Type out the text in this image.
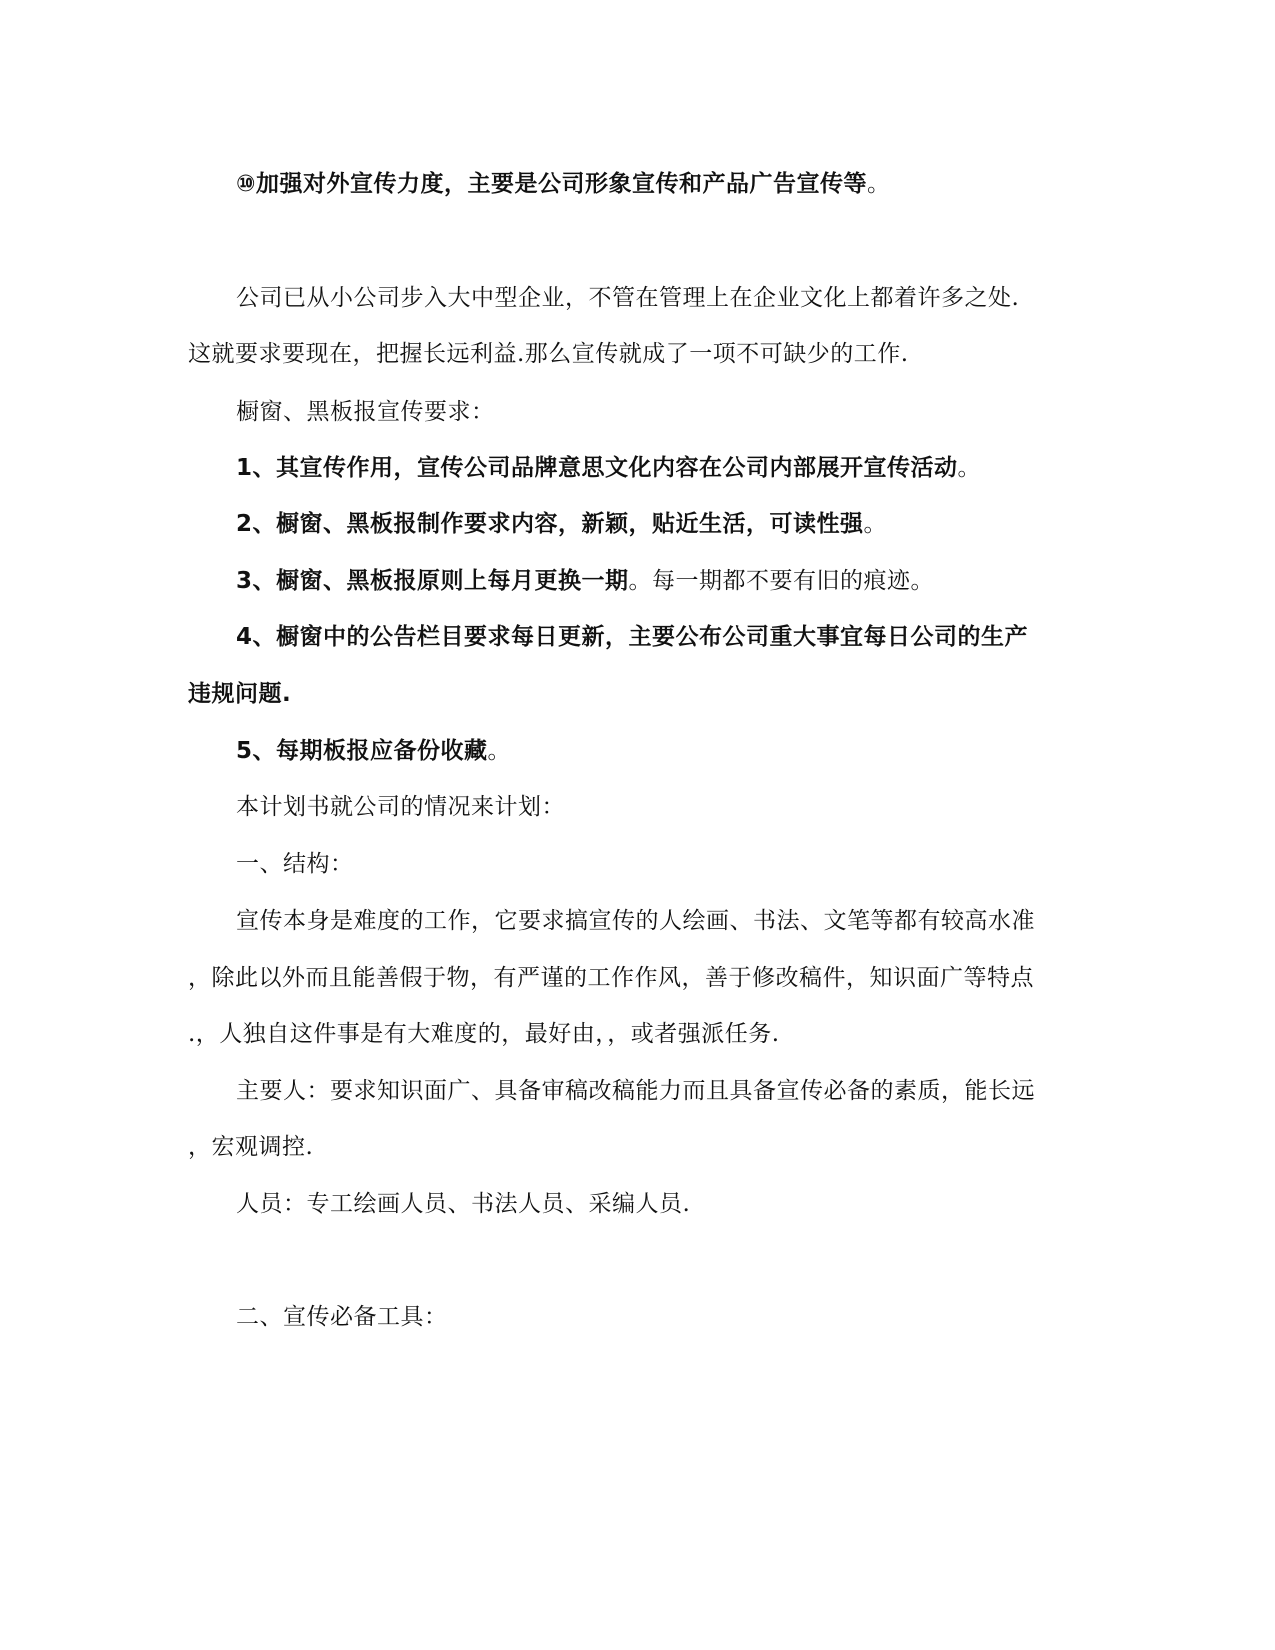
⑩加强对外宣传力度，主要是公司形象宣传和产品广告宣传等。
公司已从小公司步入大中型企业，不管在管理上在企业文化上都着许多之处.
这就要求要现在，把握长远利益.那么宣传就成了一项不可缺少的工作.
橱窗、黑板报宣传要求：
1、其宣传作用，宣传公司品牌意思文化内容在公司内部展开宣传活动。
2、橱窗、黑板报制作要求内容，新颖，贴近生活，可读性强。
3、橱窗、黑板报原则上每月更换一期。每一期都不要有旧的痕迹。
4、橱窗中的公告栏目要求每日更新，主要公布公司重大事宜每日公司的生产
违规问题.
5、每期板报应备份收藏。
本计划书就公司的情况来计划：
一、结构：
宣传本身是难度的工作，它要求搞宣传的人绘画、书法、文笔等都有较高水准
，除此以外而且能善假于物，有严谨的工作作风，善于修改稿件，知识面广等特点
.，人独自这件事是有大难度的，最好由，，或者强派任务.
主要人：要求知识面广、具备审稿改稿能力而且具备宣传必备的素质，能长远
，宏观调控.
人员：专工绘画人员、书法人员、采编人员.
二、宣传必备工具：
